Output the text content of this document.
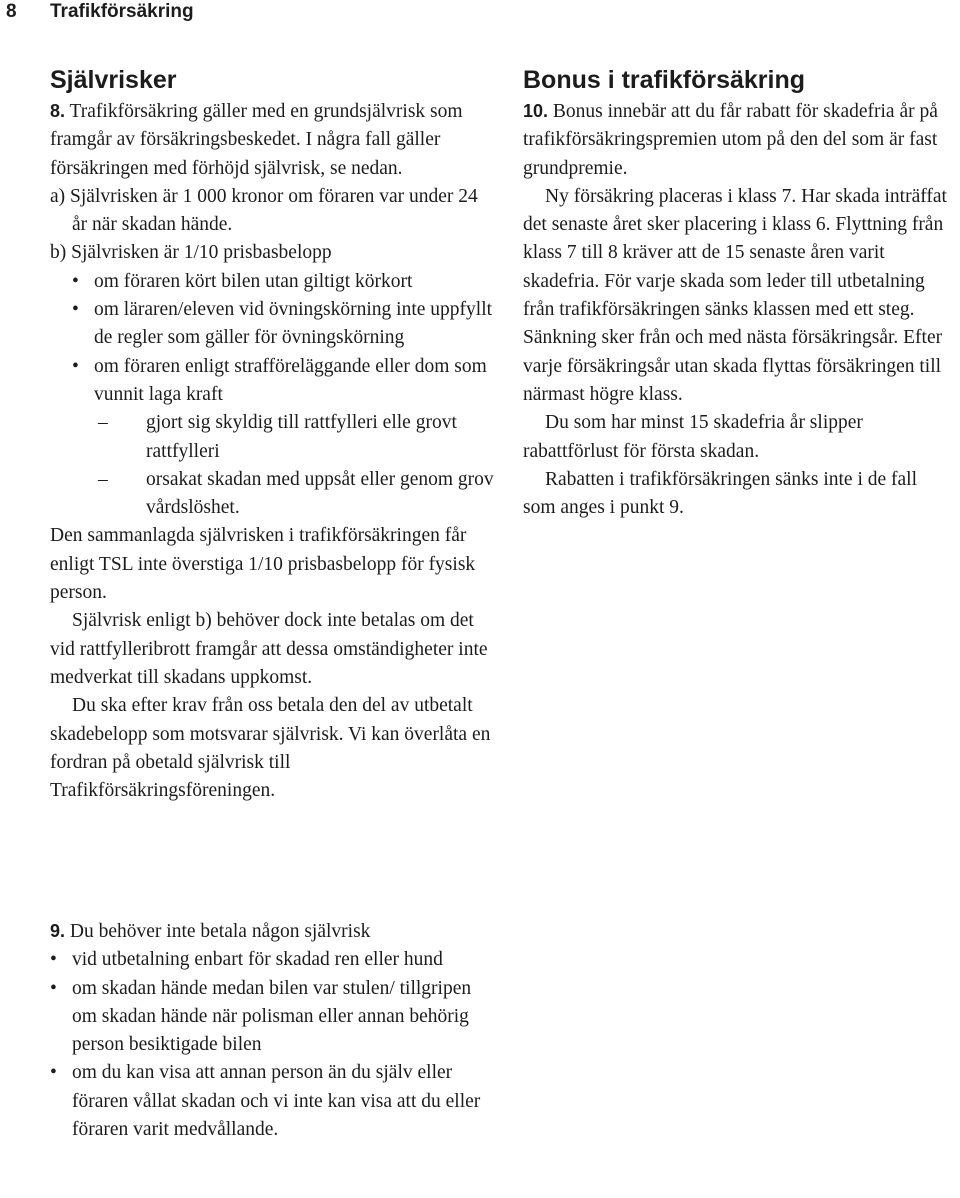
8 Trafikförsäkring
Självrisker

8. Trafikförsäkring gäller med en grundsjälvrisk som framgår av försäkringsbeskedet. I några fall gäller försäkringen med förhöjd självrisk, se nedan.

a) Självrisken är 1 000 kronor om föraren var under 24 år när skadan hände.

b) Självrisken är 1/10 prisbasbelopp

• om föraren kört bilen utan giltigt körkort
• om läraren/eleven vid övningskörning inte uppfyllt de regler som gäller för övningskörning
• om föraren enligt strafföreläggande eller dom som vunnit laga kraft
– gjort sig skyldig till rattfylleri elle grovt rattfylleri
– orsakat skadan med uppsåt eller genom grov vårdslöshet.

Den sammanlagda självrisken i trafikförsäkringen får enligt TSL inte överstiga 1/10 prisbasbelopp för fysisk person.

Självrisk enligt b) behöver dock inte betalas om det vid rattfylleribrott framgår att dessa omständigheter inte medverkat till skadans uppkomst.

Du ska efter krav från oss betala den del av utbetalt skadebelopp som motsvarar självrisk. Vi kan överlåta en fordran på obetald självrisk till Trafikförsäkringsföreningen.

Bonus i trafikförsäkring

10. Bonus innebär att du får rabatt för skadefria år på trafikförsäkringspremien utom på den del som är fast grundpremie.

Ny försäkring placeras i klass 7. Har skada inträffat det senaste året sker placering i klass 6. Flyttning från klass 7 till 8 kräver att de 15 senaste åren varit skadefria. För varje skada som leder till utbetalning från trafikförsäkringen sänks klassen med ett steg. Sänkning sker från och med nästa försäkringsår. Efter varje försäkringsår utan skada flyttas försäkringen till närmast högre klass.

Du som har minst 15 skadefria år slipper rabattförlust för första skadan.

Rabatten i trafikförsäkringen sänks inte i de fall som anges i punkt 9.

9. Du behöver inte betala någon självrisk

• vid utbetalning enbart för skadad ren eller hund
• om skadan hände medan bilen var stulen/ tillgripen om skadan hände när polisman eller annan behörig person besiktigade bilen
• om du kan visa att annan person än du själv eller föraren vållat skadan och vi inte kan visa att du eller föraren varit medvållande.
